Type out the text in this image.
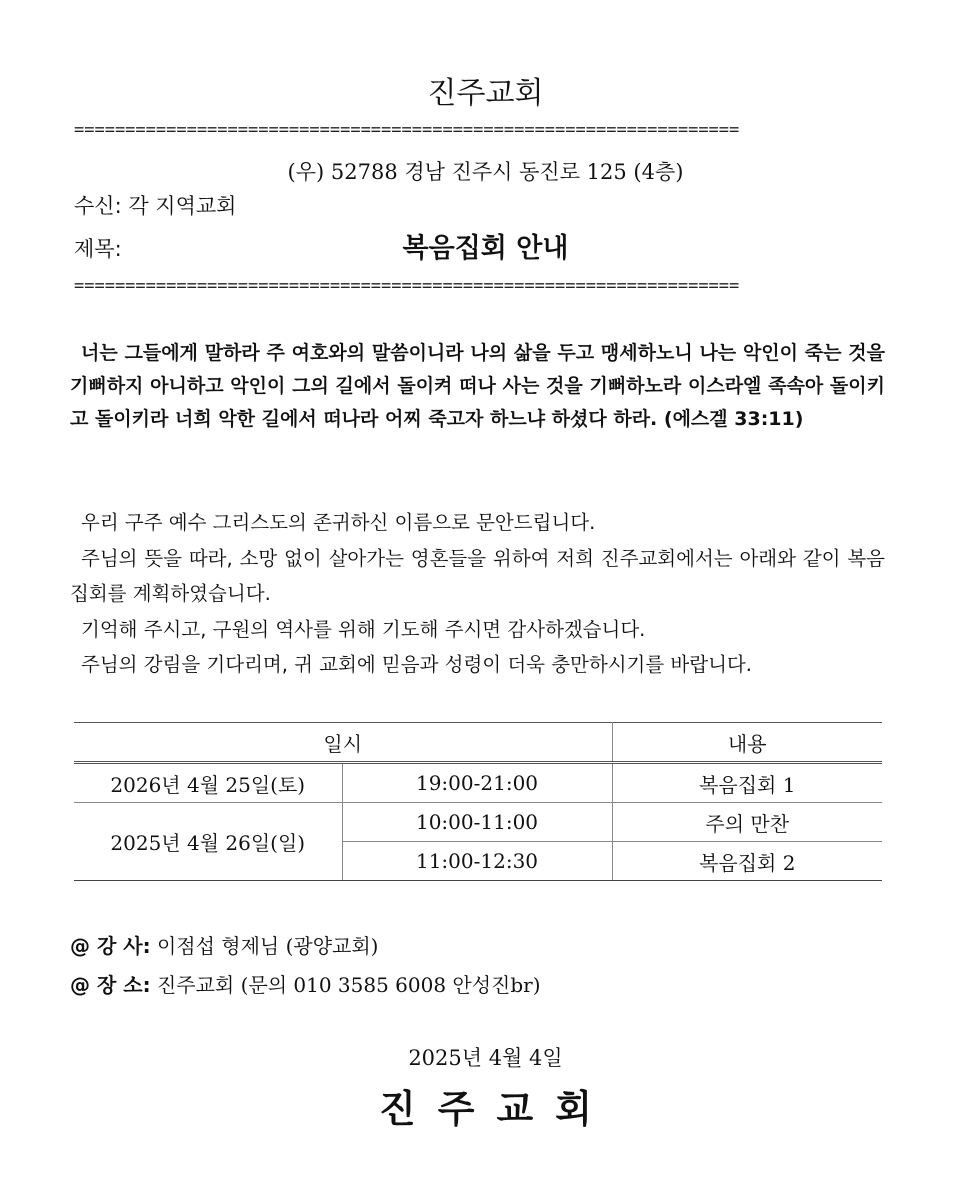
진주교회
=================================================================
(우) 52788 경남 진주시 동진로 125 (4층)
수신: 각 지역교회
제목:	복음집회 안내
=================================================================
너는 그들에게 말하라 주 여호와의 말씀이니라 나의 삶을 두고 맹세하노니 나는 악인이 죽는 것을 기뻐하지 아니하고 악인이 그의 길에서 돌이켜 떠나 사는 것을 기뻐하노라 이스라엘 족속아 돌이키고 돌이키라 너희 악한 길에서 떠나라 어찌 죽고자 하느냐 하셨다 하라. (에스겔 33:11)

우리 구주 예수 그리스도의 존귀하신 이름으로 문안드립니다.

주님의 뜻을 따라, 소망 없이 살아가는 영혼들을 위하여 저희 진주교회에서는 아래와 같이 복음 집회를 계획하였습니다.

기억해 주시고, 구원의 역사를 위해 기도해 주시면 감사하겠습니다.

주님의 강림을 기다리며, 귀 교회에 믿음과 성령이 더욱 충만하시기를 바랍니다.

일시		내용
2026년 4월 25일(토)	19:00-21:00	복음집회 1
2025년 4월 26일(일)	10:00-11:00	주의 만찬
	11:00-12:30	복음집회 2
@ 강 사: 이점섭 형제님 (광양교회)
@ 장 소: 진주교회 (문의 010 3585 6008 안성진br)
2025년 4월 4일
진주교회
